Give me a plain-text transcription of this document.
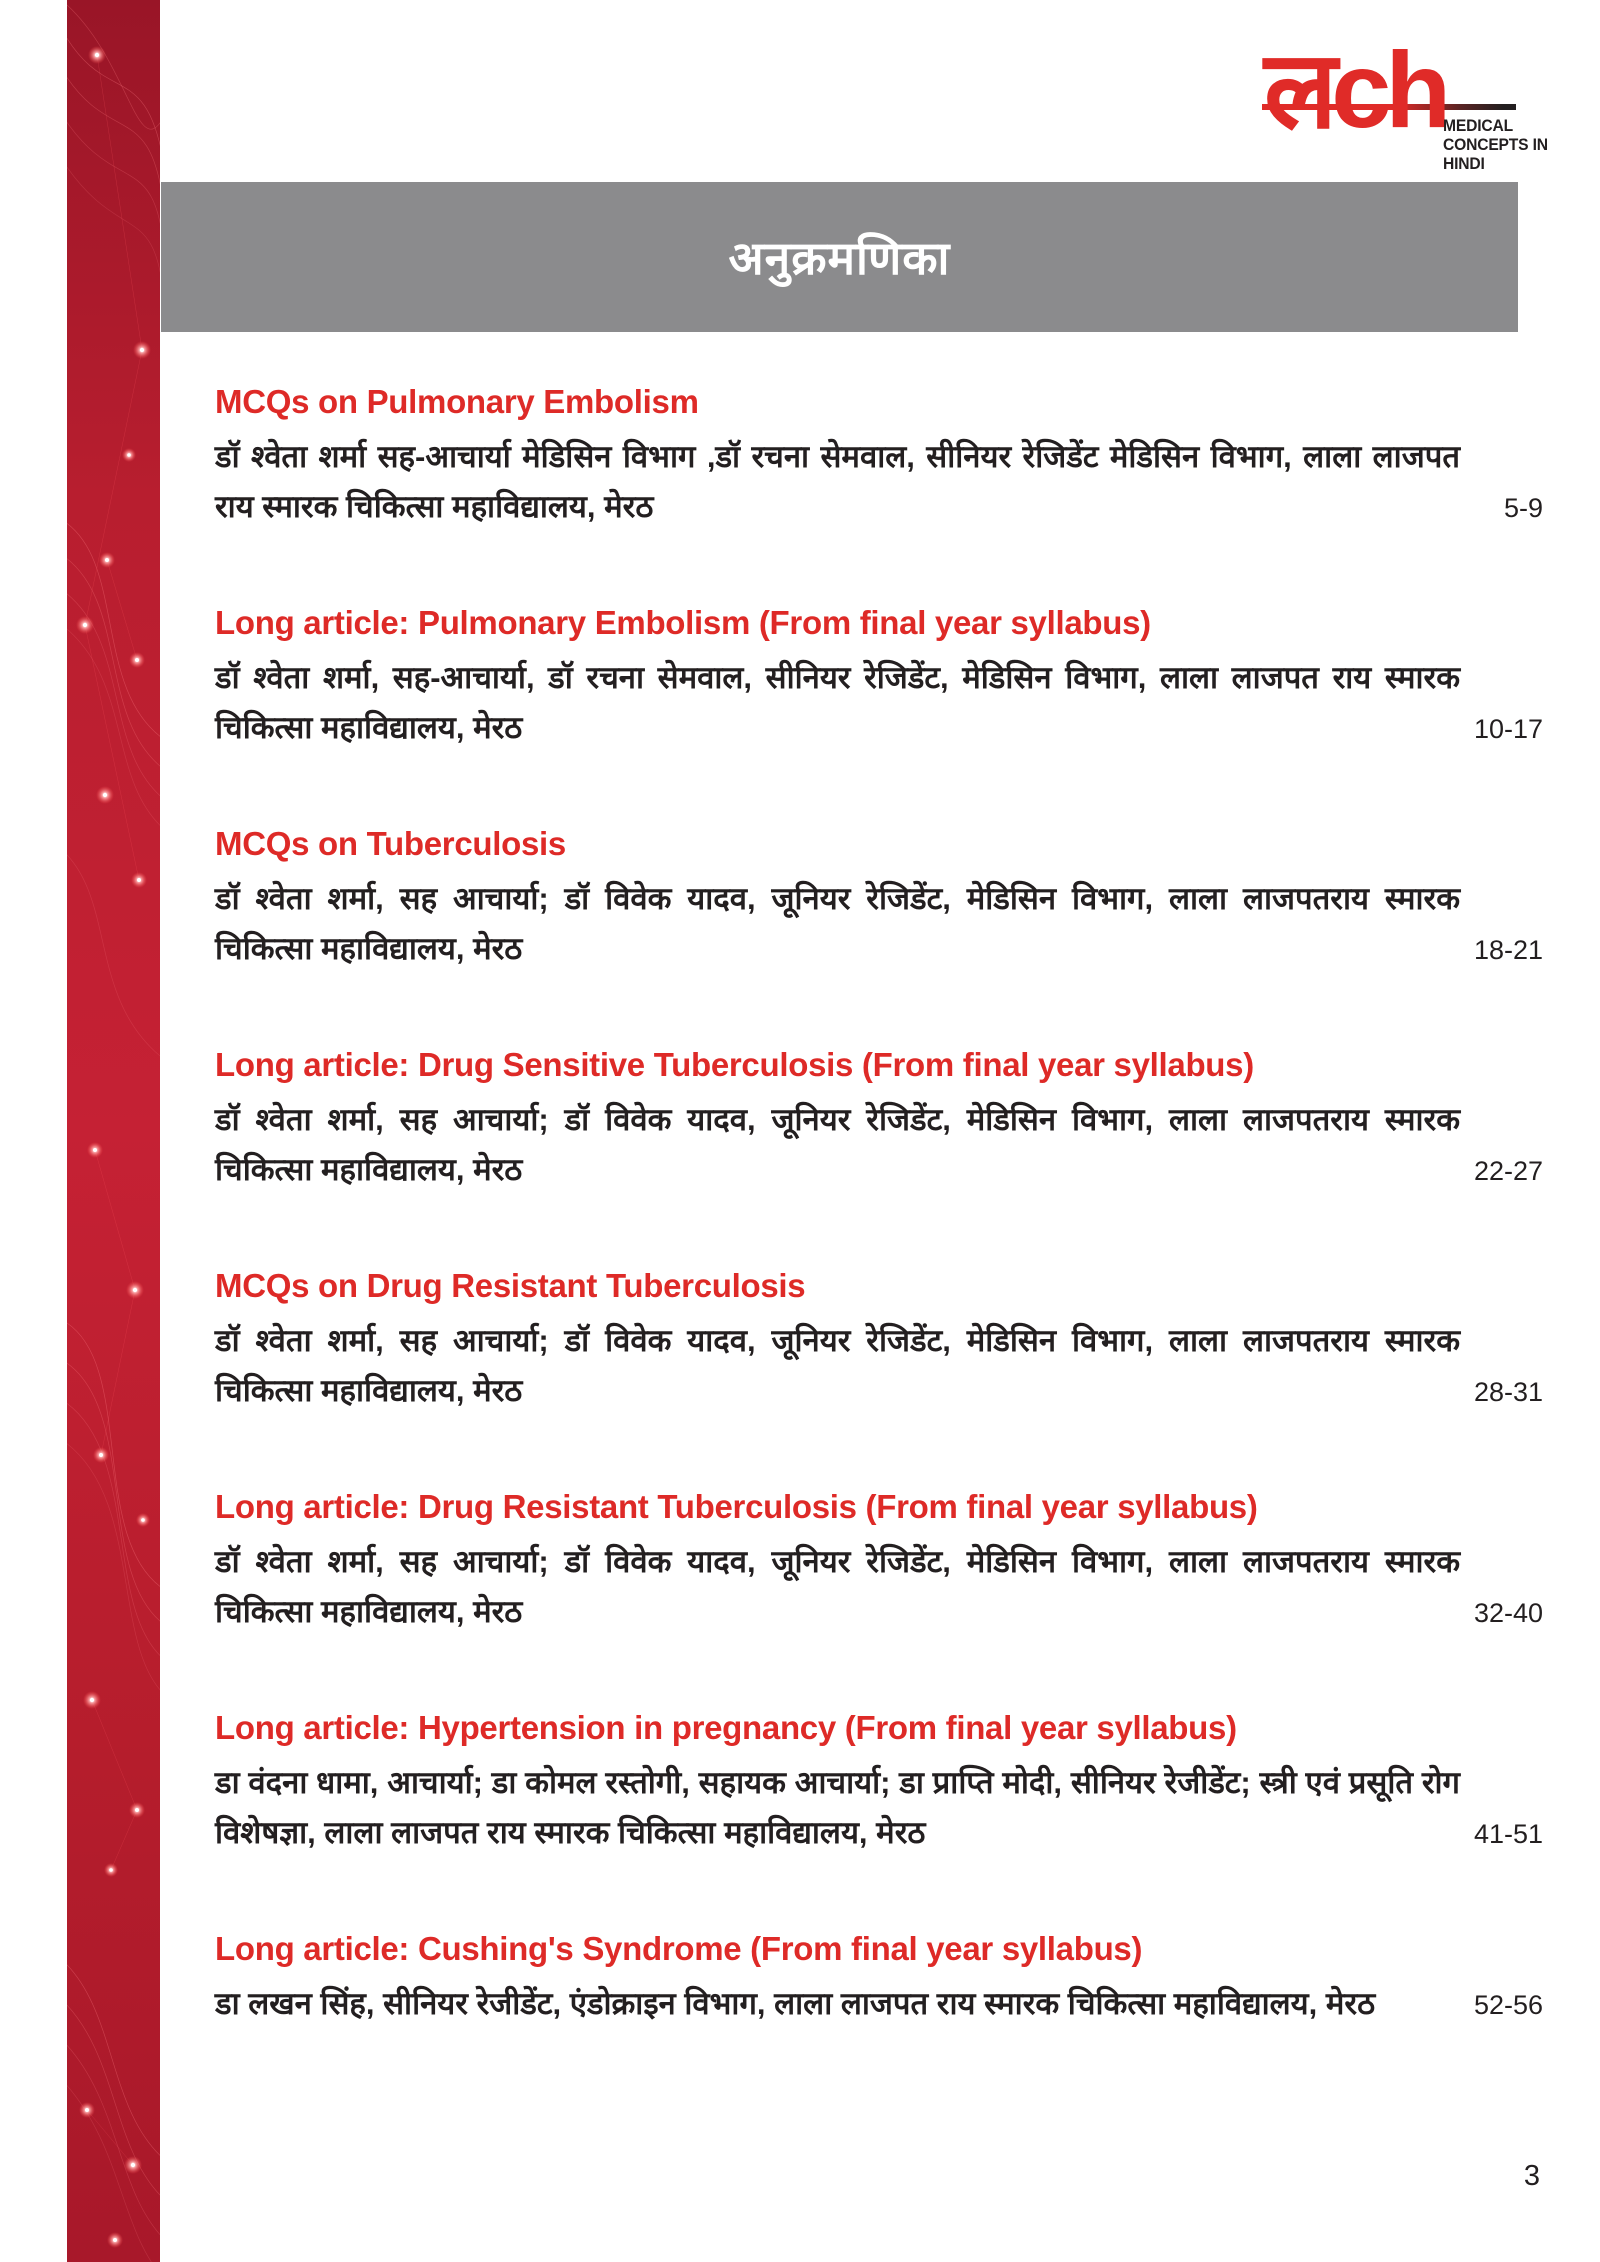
लch
MEDICAL
CONCEPTS IN
HINDI
अनुक्रमणिका
MCQs on Pulmonary Embolism

डॉ श्वेता शर्मा सह-आचार्या मेडिसिन विभाग ,डॉ रचना सेमवाल, सीनियर रेजिडेंट मेडिसिन विभाग, लाला लाजपत राय स्मारक चिकित्सा महाविद्यालय, मेरठ	5-9
Long article: Pulmonary Embolism (From final year syllabus)

डॉ श्वेता शर्मा, सह-आचार्या, डॉ रचना सेमवाल, सीनियर रेजिडेंट, मेडिसिन विभाग, लाला लाजपत राय स्मारक चिकित्सा महाविद्यालय, मेरठ	10-17
MCQs on Tuberculosis

डॉ श्वेता शर्मा, सह आचार्या; डॉ विवेक यादव, जूनियर रेजिडेंट, मेडिसिन विभाग, लाला लाजपतराय स्मारक चिकित्सा महाविद्यालय, मेरठ	18-21
Long article: Drug Sensitive Tuberculosis (From final year syllabus)

डॉ श्वेता शर्मा, सह आचार्या; डॉ विवेक यादव, जूनियर रेजिडेंट, मेडिसिन विभाग, लाला लाजपतराय स्मारक चिकित्सा महाविद्यालय, मेरठ	22-27
MCQs on Drug Resistant Tuberculosis

डॉ श्वेता शर्मा, सह आचार्या; डॉ विवेक यादव, जूनियर रेजिडेंट, मेडिसिन विभाग, लाला लाजपतराय स्मारक चिकित्सा महाविद्यालय, मेरठ	28-31
Long article: Drug Resistant Tuberculosis (From final year syllabus)

डॉ श्वेता शर्मा, सह आचार्या; डॉ विवेक यादव, जूनियर रेजिडेंट, मेडिसिन विभाग, लाला लाजपतराय स्मारक चिकित्सा महाविद्यालय, मेरठ	32-40
Long article: Hypertension in pregnancy (From final year syllabus)

डा वंदना धामा, आचार्या; डा कोमल रस्तोगी, सहायक आचार्या; डा प्राप्ति मोदी, सीनियर रेजीडेंट; स्त्री एवं प्रसूति रोग विशेषज्ञा, लाला लाजपत राय स्मारक चिकित्सा महाविद्यालय, मेरठ	41-51
Long article: Cushing's Syndrome (From final year syllabus)

डा लखन सिंह, सीनियर रेजीडेंट, एंडोक्राइन विभाग, लाला लाजपत राय स्मारक चिकित्सा महाविद्यालय, मेरठ	52-56
3
